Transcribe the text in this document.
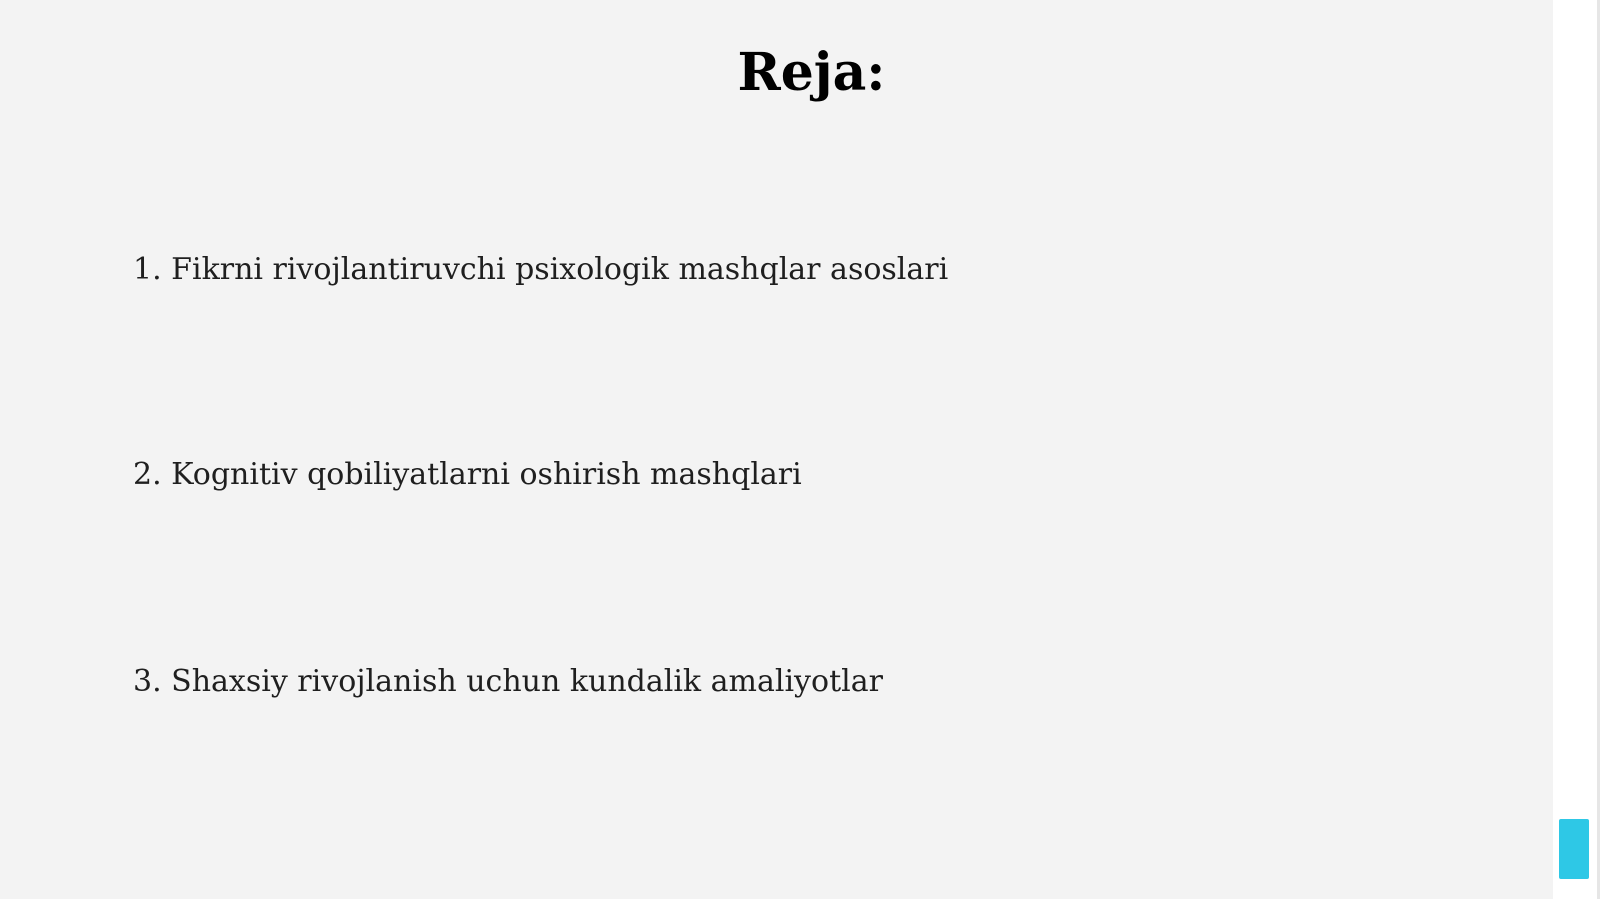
Reja:
1. Fikrni rivojlantiruvchi psixologik mashqlar asoslari
2. Kognitiv qobiliyatlarni oshirish mashqlari
3. Shaxsiy rivojlanish uchun kundalik amaliyotlar
